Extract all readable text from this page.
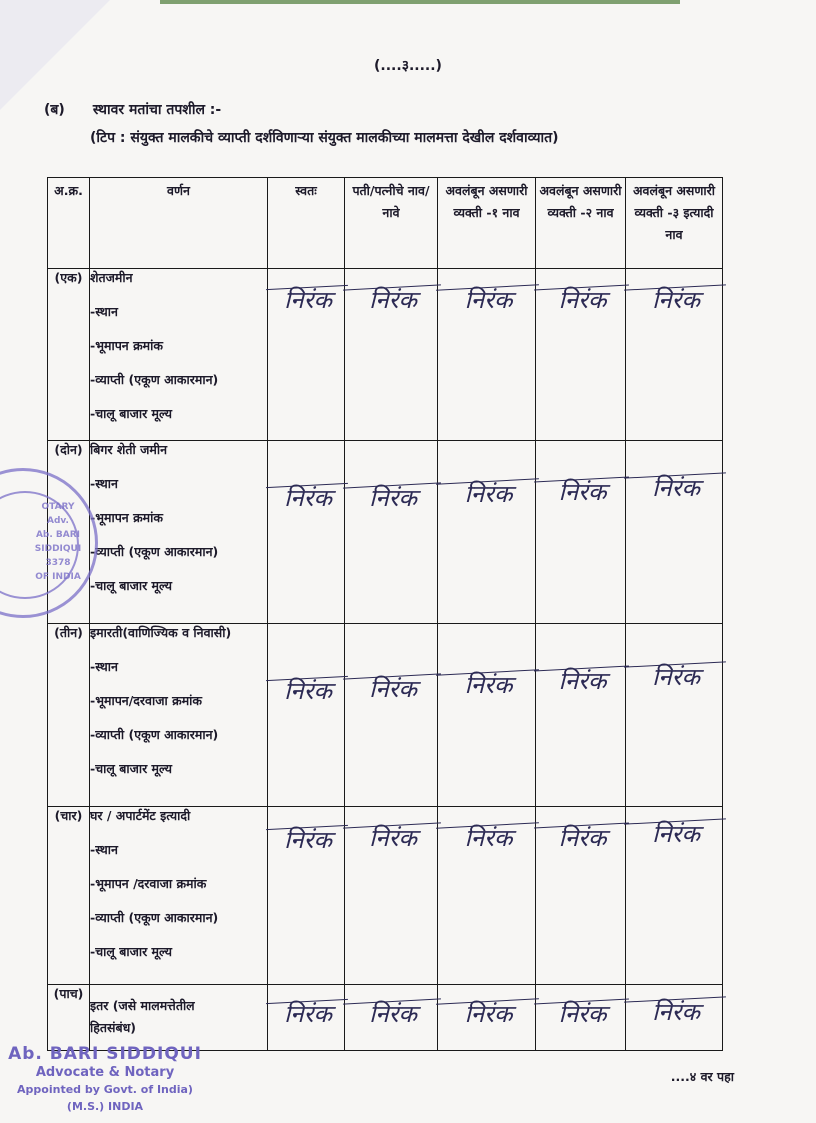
(....३.....)
(ब) स्थावर मतांचा तपशील :-
(टिप : संयुक्त मालकीचे व्याप्ती दर्शविणाऱ्या संयुक्त मालकीच्या मालमत्ता देखील दर्शवाव्यात)
अ.क्र.	वर्णन	स्वतः	पती/पत्नीचे नाव/नावे	अवलंबून असणारी व्यक्ती -१ नाव	अवलंबून असणारी व्यक्ती -२ नाव	अवलंबून असणारी व्यक्ती -३ इत्यादी नाव
(एक)	शेतजमीन
-स्थान
-भूमापन क्रमांक
-व्याप्ती (एकूण आकारमान)
-चालू बाजार मूल्य	निरंक	निरंक	निरंक	निरंक	निरंक

(दोन)	बिगर शेती जमीन
-स्थान
-भूमापन क्रमांक
-व्याप्ती (एकूण आकारमान)
-चालू बाजार मूल्य	निरंक	निरंक	निरंक	निरंक	निरंक

(तीन)	इमारती(वाणिज्यिक व निवासी)
-स्थान
-भूमापन/दरवाजा क्रमांक
-व्याप्ती (एकूण आकारमान)
-चालू बाजार मूल्य	निरंक	निरंक	निरंक	निरंक	निरंक

(चार)	घर / अपार्टमेंट इत्यादी
-स्थान
-भूमापन /दरवाजा क्रमांक
-व्याप्ती (एकूण आकारमान)
-चालू बाजार मूल्य	निरंक	निरंक	निरंक	निरंक	निरंक

(पाच)	इतर (जसे मालमत्तेतील
हितसंबंध)	निरंक	निरंक	निरंक	निरंक	निरंक
....४ वर पहा
OTARY
Adv.
Ab. BARI
SIDDIQUI
3378
OF INDIA
Ab. BARI SIDDIQUI
Advocate & Notary
Appointed by Govt. of India)
(M.S.) INDIA
